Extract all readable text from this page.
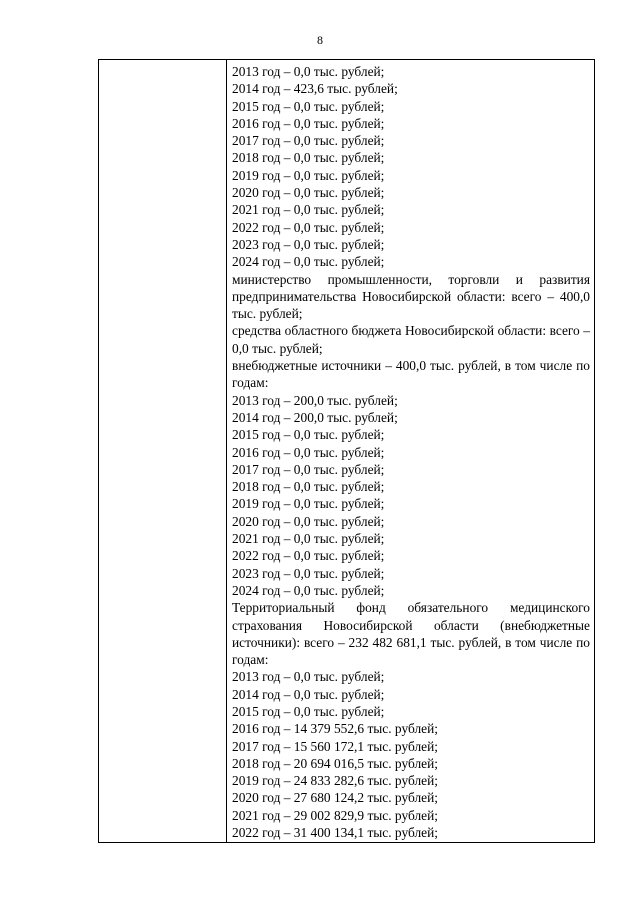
8
2013 год – 0,0 тыс. рублей;
2014 год – 423,6 тыс. рублей;
2015 год – 0,0 тыс. рублей;
2016 год – 0,0 тыс. рублей;
2017 год – 0,0 тыс. рублей;
2018 год – 0,0 тыс. рублей;
2019 год – 0,0 тыс. рублей;
2020 год – 0,0 тыс. рублей;
2021 год – 0,0 тыс. рублей;
2022 год – 0,0 тыс. рублей;
2023 год – 0,0 тыс. рублей;
2024 год – 0,0 тыс. рублей;
министерство промышленности, торговли и развития предпринимательства Новосибирской области: всего – 400,0 тыс. рублей;
средства областного бюджета Новосибирской области: всего – 0,0 тыс. рублей;
внебюджетные источники – 400,0 тыс. рублей, в том числе по годам:
2013 год – 200,0 тыс. рублей;
2014 год – 200,0 тыс. рублей;
2015 год – 0,0 тыс. рублей;
2016 год – 0,0 тыс. рублей;
2017 год – 0,0 тыс. рублей;
2018 год – 0,0 тыс. рублей;
2019 год – 0,0 тыс. рублей;
2020 год – 0,0 тыс. рублей;
2021 год – 0,0 тыс. рублей;
2022 год – 0,0 тыс. рублей;
2023 год – 0,0 тыс. рублей;
2024 год – 0,0 тыс. рублей;
Территориальный фонд обязательного медицинского страхования Новосибирской области (внебюджетные источники): всего – 232 482 681,1 тыс. рублей, в том числе по годам:
2013 год – 0,0 тыс. рублей;
2014 год – 0,0 тыс. рублей;
2015 год – 0,0 тыс. рублей;
2016 год – 14 379 552,6 тыс. рублей;
2017 год – 15 560 172,1 тыс. рублей;
2018 год – 20 694 016,5 тыс. рублей;
2019 год – 24 833 282,6 тыс. рублей;
2020 год – 27 680 124,2 тыс. рублей;
2021 год – 29 002 829,9 тыс. рублей;
2022 год – 31 400 134,1 тыс. рублей;
